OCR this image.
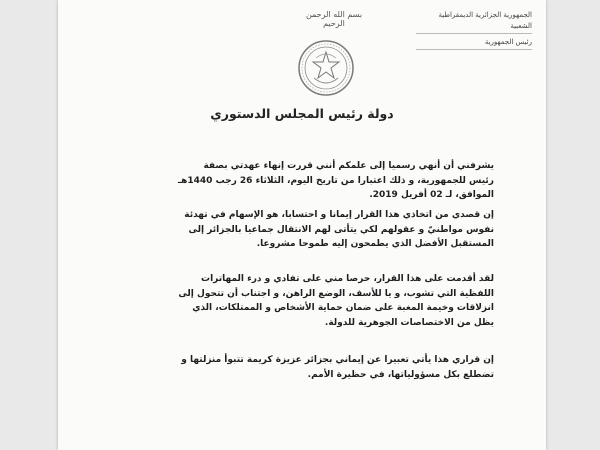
بسم الله الرحمن الرحيم
الجمهورية الجزائرية الديمقراطية الشعبية
رئيس الجمهورية
دولة رئيس المجلس الدستوري

يشرفني أن أنهي رسميا إلى علمكم أنني قررت إنهاء عهدتي بصفة رئيس للجمهورية، و ذلك اعتبارا من تاريخ اليوم، الثلاثاء 26 رجب 1440هـ الموافق، لـ 02 أفريل 2019.

إن قصدي من اتخاذي هذا القرار إيمانا و احتسابا، هو الإسهام في تهدئة نفوس مواطنيّ و عقولهم لكي يتأتى لهم الانتقال جماعيا بالجزائر إلى المستقبل الأفضل الذي يطمحون إليه طموحا مشروعا.

لقد أقدمت على هذا القرار، حرصا مني على تفادي و درء المهاترات اللفظية التي تشوب، و يا للأسف، الوضع الراهن، و اجتناب أن تتحول إلى انزلاقات وخيمة المغبة على ضمان حماية الأشخاص و الممتلكات، الذي يظل من الاختصاصات الجوهرية للدولة.

إن قراري هذا يأتي تعبيرا عن إيماني بجزائر عزيزة كريمة تتبوأ منزلتها و تضطلع بكل مسؤولياتها، في حظيرة الأمم.
